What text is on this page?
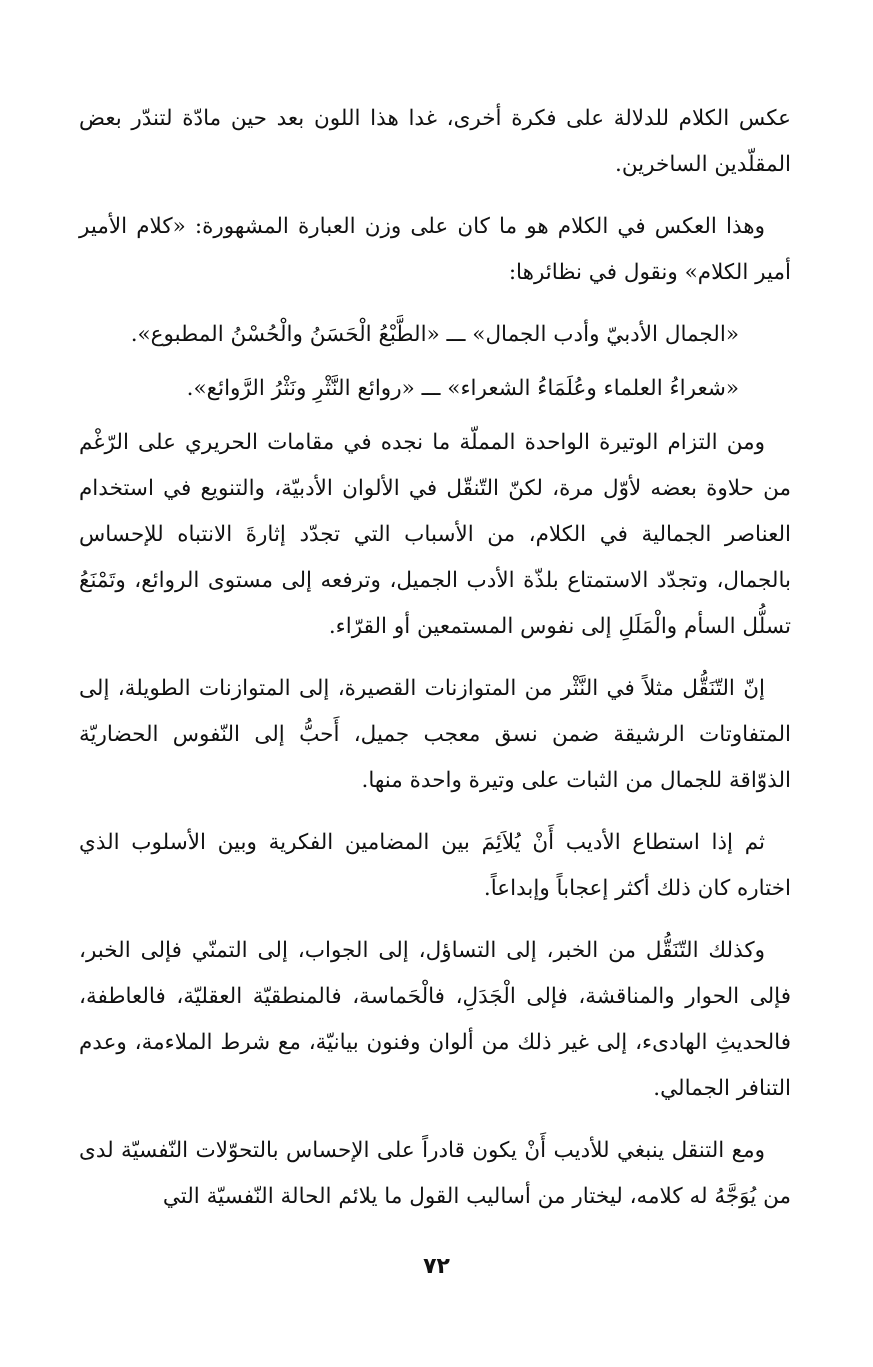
عكس الكلام للدلالة على فكرة أخرى، غدا هذا اللون بعد حين مادّة لتندّر بعض المقلّدين الساخرين.

وهذا العكس في الكلام هو ما كان على وزن العبارة المشهورة: «كلام الأمير أمير الكلام» ونقول في نظائرها:

«الجمال الأدبيّ وأدب الجمال» ـــ «الطَّبْعُ الْحَسَنُ والْحُسْنُ المطبوع».

«شعراءُ العلماء وعُلَمَاءُ الشعراء» ـــ «روائع النَّثْرِ ونَثْرُ الرَّوائع».

ومن التزام الوتيرة الواحدة المملّة ما نجده في مقامات الحريري على الرّغْم من حلاوة بعضه لأوّل مرة، لكنّ التّنقّل في الألوان الأدبيّة، والتنويع في استخدام العناصر الجمالية في الكلام، من الأسباب التي تجدّد إثارةَ الانتباه للإحساس بالجمال، وتجدّد الاستمتاع بلذّة الأدب الجميل، وترفعه إلى مستوى الروائع، وتَمْنَعُ تسلُّل السأم والْمَلَلِ إلى نفوس المستمعين أو القرّاء.

إنّ التّنَقُّل مثلاً في النَّثْر من المتوازنات القصيرة، إلى المتوازنات الطويلة، إلى المتفاوتات الرشيقة ضمن نسق معجب جميل، أَحبُّ إلى النّفوس الحضاريّة الذوّاقة للجمال من الثبات على وتيرة واحدة منها.

ثم إذا استطاع الأديب أَنْ يُلاَئِمَ بين المضامين الفكرية وبين الأسلوب الذي اختاره كان ذلك أكثر إعجاباً وإبداعاً.

وكذلك التّنَقُّل من الخبر، إلى التساؤل، إلى الجواب، إلى التمنّي فإلى الخبر، فإلى الحوار والمناقشة، فإلى الْجَدَلِ، فالْحَماسة، فالمنطقيّة العقليّة، فالعاطفة، فالحديثِ الهادىء، إلى غير ذلك من ألوان وفنون بيانيّة، مع شرط الملاءمة، وعدم التنافر الجمالي.

ومع التنقل ينبغي للأديب أَنْ يكون قادراً على الإحساس بالتحوّلات النّفسيّة لدى من يُوَجَّهُ له كلامه، ليختار من أساليب القول ما يلائم الحالة النّفسيّة التي

٧٢
